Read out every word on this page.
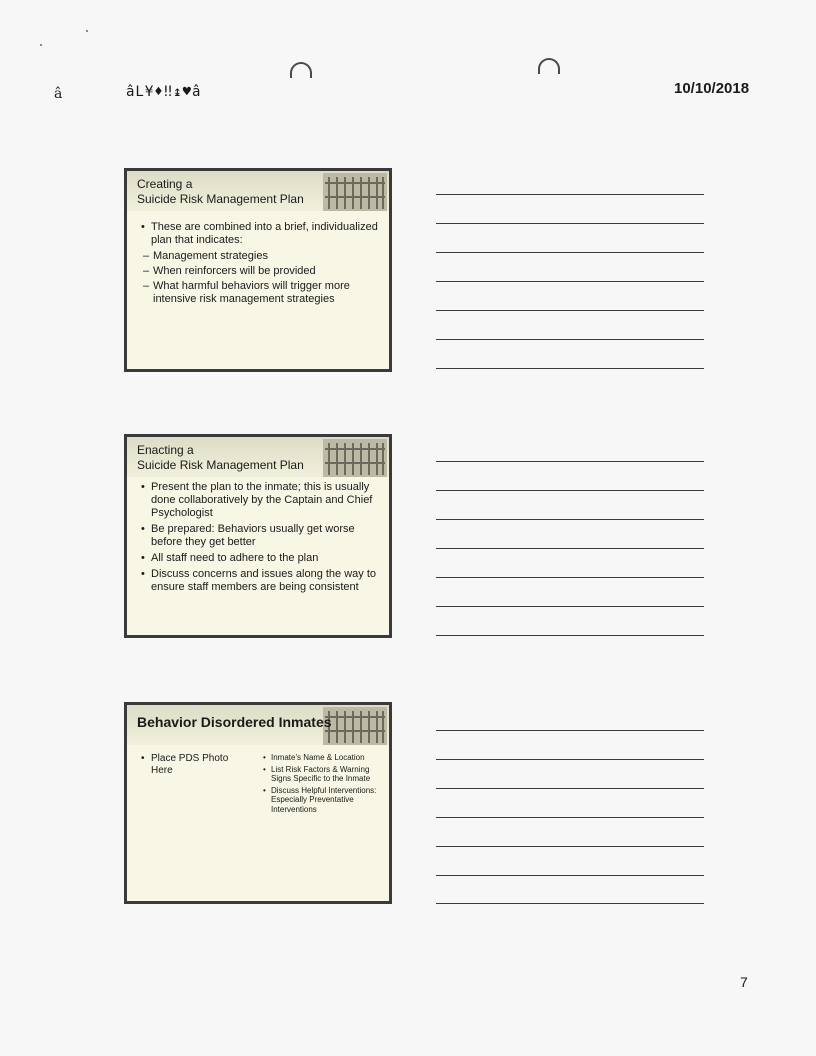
â	âL¥♦‼↨♥â	10/10/2018
Creating a
Suicide Risk Management Plan
• These are combined into a brief, individualized plan that indicates:
– Management strategies
– When reinforcers will be provided
– What harmful behaviors will trigger more intensive risk management strategies
Enacting a
Suicide Risk Management Plan
• Present the plan to the inmate; this is usually done collaboratively by the Captain and Chief Psychologist
• Be prepared: Behaviors usually get worse before they get better
• All staff need to adhere to the plan
• Discuss concerns and issues along the way to ensure staff members are being consistent
Behavior Disordered Inmates
• Place PDS Photo Here
• Inmate's Name & Location
• List Risk Factors & Warning Signs Specific to the Inmate
• Discuss Helpful Interventions: Especially Preventative Interventions
7
